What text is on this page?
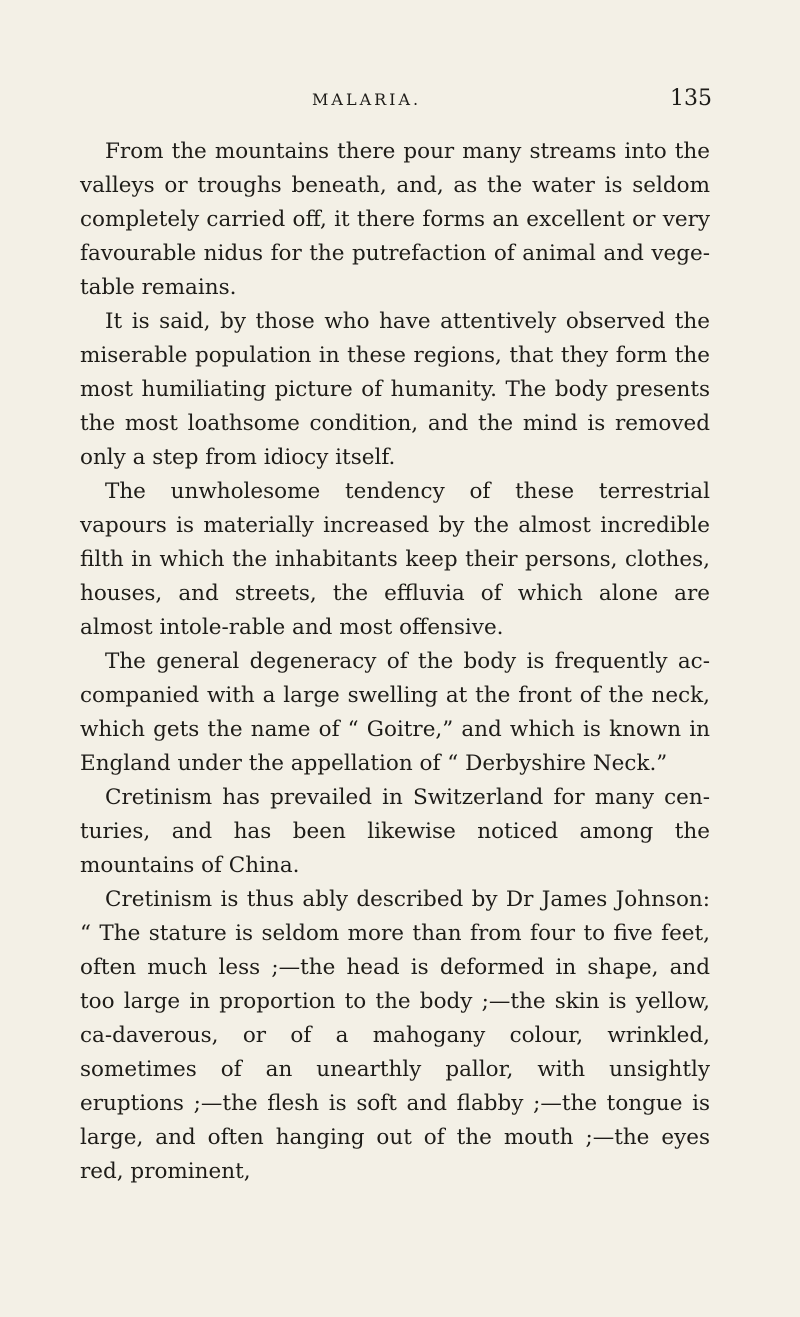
MALARIA.	135

From the mountains there pour many streams into the valleys or troughs beneath, and, as the water is seldom completely carried off, it there forms an excellent or very favourable nidus for the putrefaction of animal and vege-table remains.

It is said, by those who have attentively observed the miserable population in these regions, that they form the most humiliating picture of humanity. The body presents the most loathsome condition, and the mind is removed only a step from idiocy itself.

The unwholesome tendency of these terrestrial vapours is materially increased by the almost incredible filth in which the inhabitants keep their persons, clothes, houses, and streets, the effluvia of which alone are almost intole-rable and most offensive.

The general degeneracy of the body is frequently ac-companied with a large swelling at the front of the neck, which gets the name of “ Goitre,” and which is known in England under the appellation of “ Derbyshire Neck.”

Cretinism has prevailed in Switzerland for many cen-turies, and has been likewise noticed among the mountains of China.

Cretinism is thus ably described by Dr James Johnson: “ The stature is seldom more than from four to five feet, often much less ;—the head is deformed in shape, and too large in proportion to the body ;—the skin is yellow, ca-daverous, or of a mahogany colour, wrinkled, sometimes of an unearthly pallor, with unsightly eruptions ;—the flesh is soft and flabby ;—the tongue is large, and often hanging out of the mouth ;—the eyes red, prominent,
